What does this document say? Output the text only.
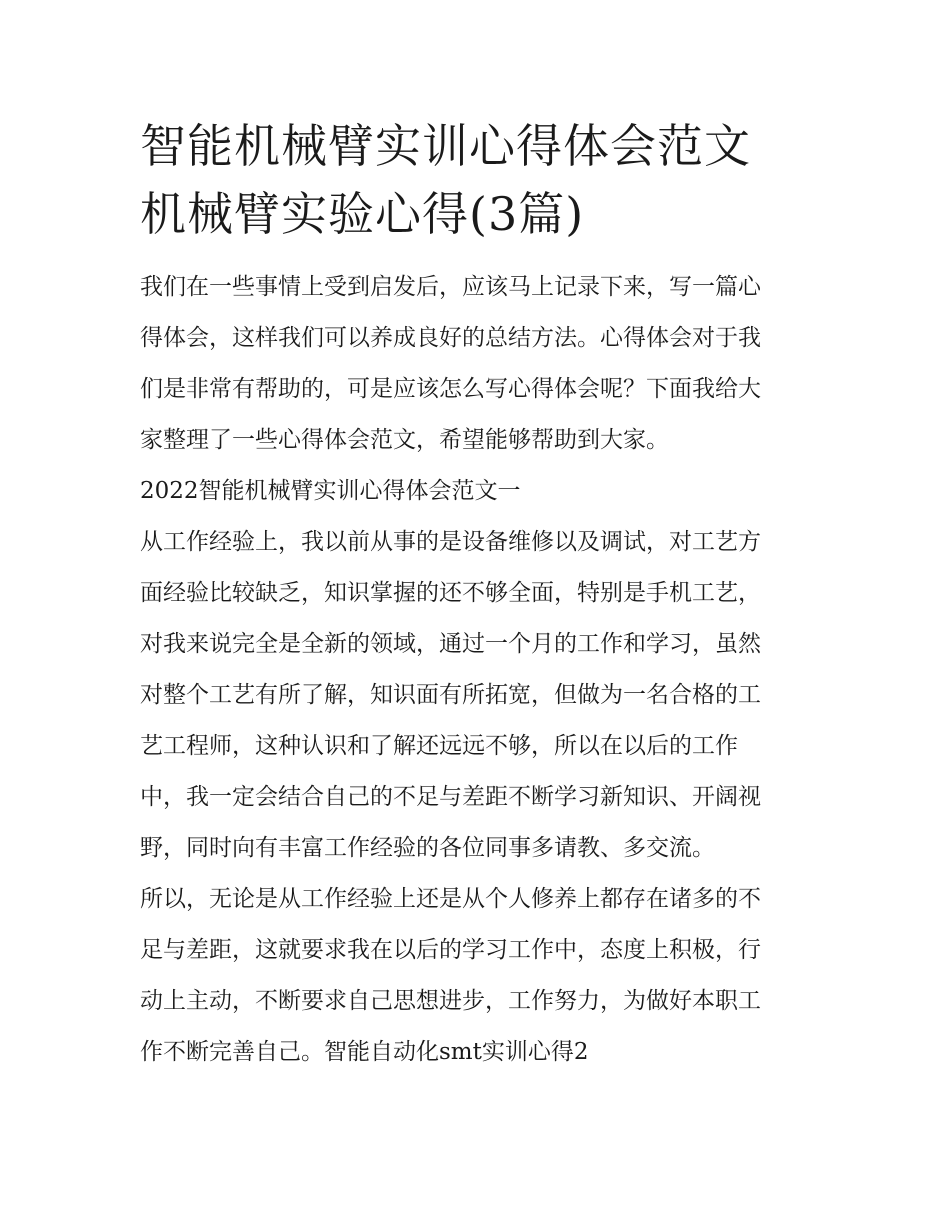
智能机械臂实训心得体会范文
机械臂实验心得(3篇)

我们在一些事情上受到启发后，应该马上记录下来，写一篇心
得体会，这样我们可以养成良好的总结方法。心得体会对于我
们是非常有帮助的，可是应该怎么写心得体会呢？下面我给大
家整理了一些心得体会范文，希望能够帮助到大家。

2022智能机械臂实训心得体会范文一

从工作经验上，我以前从事的是设备维修以及调试，对工艺方
面经验比较缺乏，知识掌握的还不够全面，特别是手机工艺，
对我来说完全是全新的领域，通过一个月的工作和学习，虽然
对整个工艺有所了解，知识面有所拓宽，但做为一名合格的工
艺工程师，这种认识和了解还远远不够，所以在以后的工作
中，我一定会结合自己的不足与差距不断学习新知识、开阔视
野，同时向有丰富工作经验的各位同事多请教、多交流。

所以，无论是从工作经验上还是从个人修养上都存在诸多的不
足与差距，这就要求我在以后的学习工作中，态度上积极，行
动上主动，不断要求自己思想进步，工作努力，为做好本职工
作不断完善自己。智能自动化smt实训心得2
